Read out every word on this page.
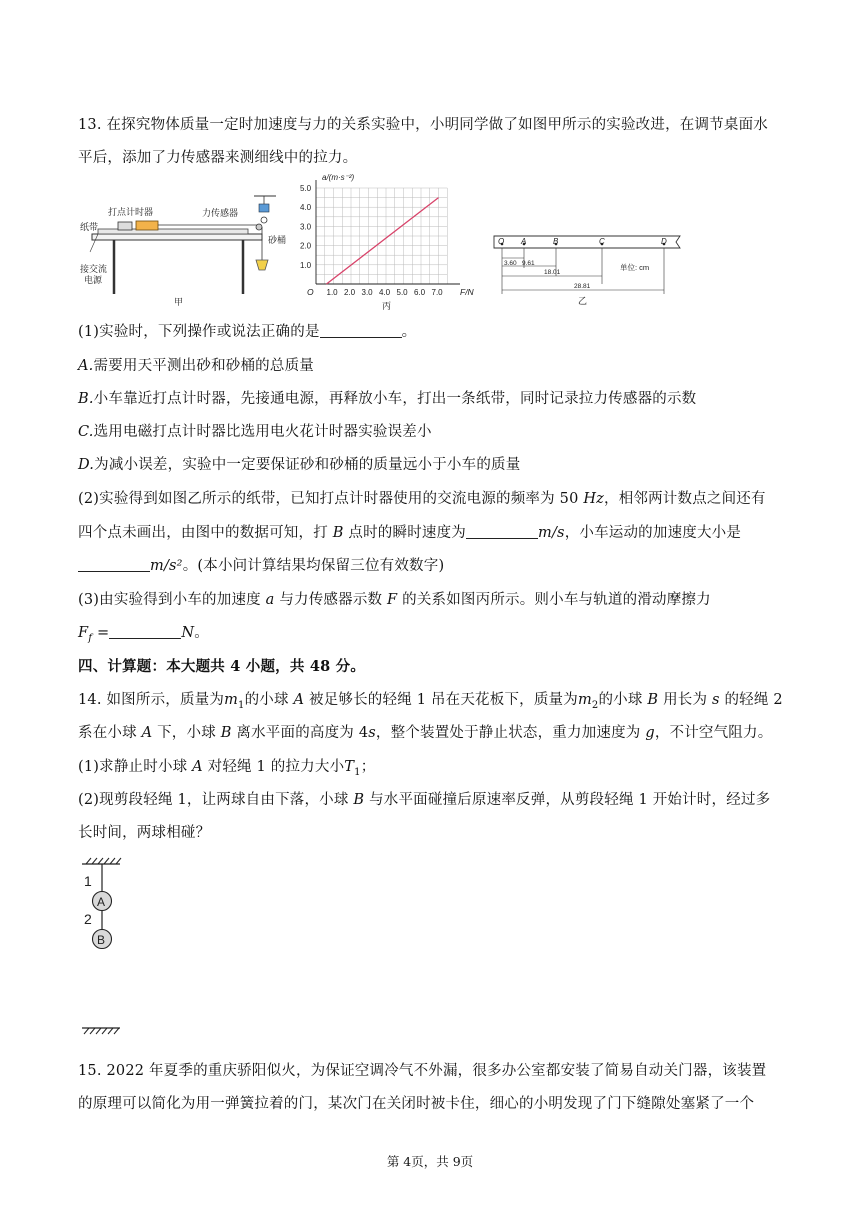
13. 在探究物体质量一定时加速度与力的关系实验中，小明同学做了如图甲所示的实验改进，在调节桌面水
平后，添加了力传感器来测细线中的拉力。
纸带
打点计时器	力传感器
砂桶
接交流
电源
甲
1.0 2.0 3.0 4.0 5.0 6.0 7.0
1.0
2.0
3.0
4.0
5.0
a/(m·s⁻²)
F/N
O
丙
O A	B	C	D
3.60 9.61
18.01
28.81
单位: cm
乙
(1)实验时，下列操作或说法正确的是	。
A.需要用天平测出砂和砂桶的总质量
B.小车靠近打点计时器，先接通电源，再释放小车，打出一条纸带，同时记录拉力传感器的示数
C.选用电磁打点计时器比选用电火花计时器实验误差小
D.为减小误差，实验中一定要保证砂和砂桶的质量远小于小车的质量
(2)实验得到如图乙所示的纸带，已知打点计时器使用的交流电源的频率为 50 Hz，相邻两计数点之间还有
四个点未画出，由图中的数据可知，打 B 点时的瞬时速度为	m/s，小车运动的加速度大小是
m/s²。(本小问计算结果均保留三位有效数字)
(3)由实验得到小车的加速度 a 与力传感器示数 F 的关系如图丙所示。则小车与轨道的滑动摩擦力
$F_f$ =	N。
四、计算题：本大题共 4 小题，共 48 分。
14. 如图所示，质量为$m_1$的小球 A 被足够长的轻绳 1 吊在天花板下，质量为$m_2$的小球 B 用长为 s 的轻绳 2
系在小球 A 下，小球 B 离水平面的高度为 4s，整个装置处于静止状态，重力加速度为 g，不计空气阻力。
(1)求静止时小球 A 对轻绳 1 的拉力大小$T_1$；
(2)现剪段轻绳 1，让两球自由下落，小球 B 与水平面碰撞后原速率反弹，从剪段轻绳 1 开始计时，经过多
长时间，两球相碰？
1
2
A
B
15. 2022 年夏季的重庆骄阳似火，为保证空调冷气不外漏，很多办公室都安装了简易自动关门器，该装置
的原理可以简化为用一弹簧拉着的门，某次门在关闭时被卡住，细心的小明发现了门下缝隙处塞紧了一个
第 4页，共 9页
